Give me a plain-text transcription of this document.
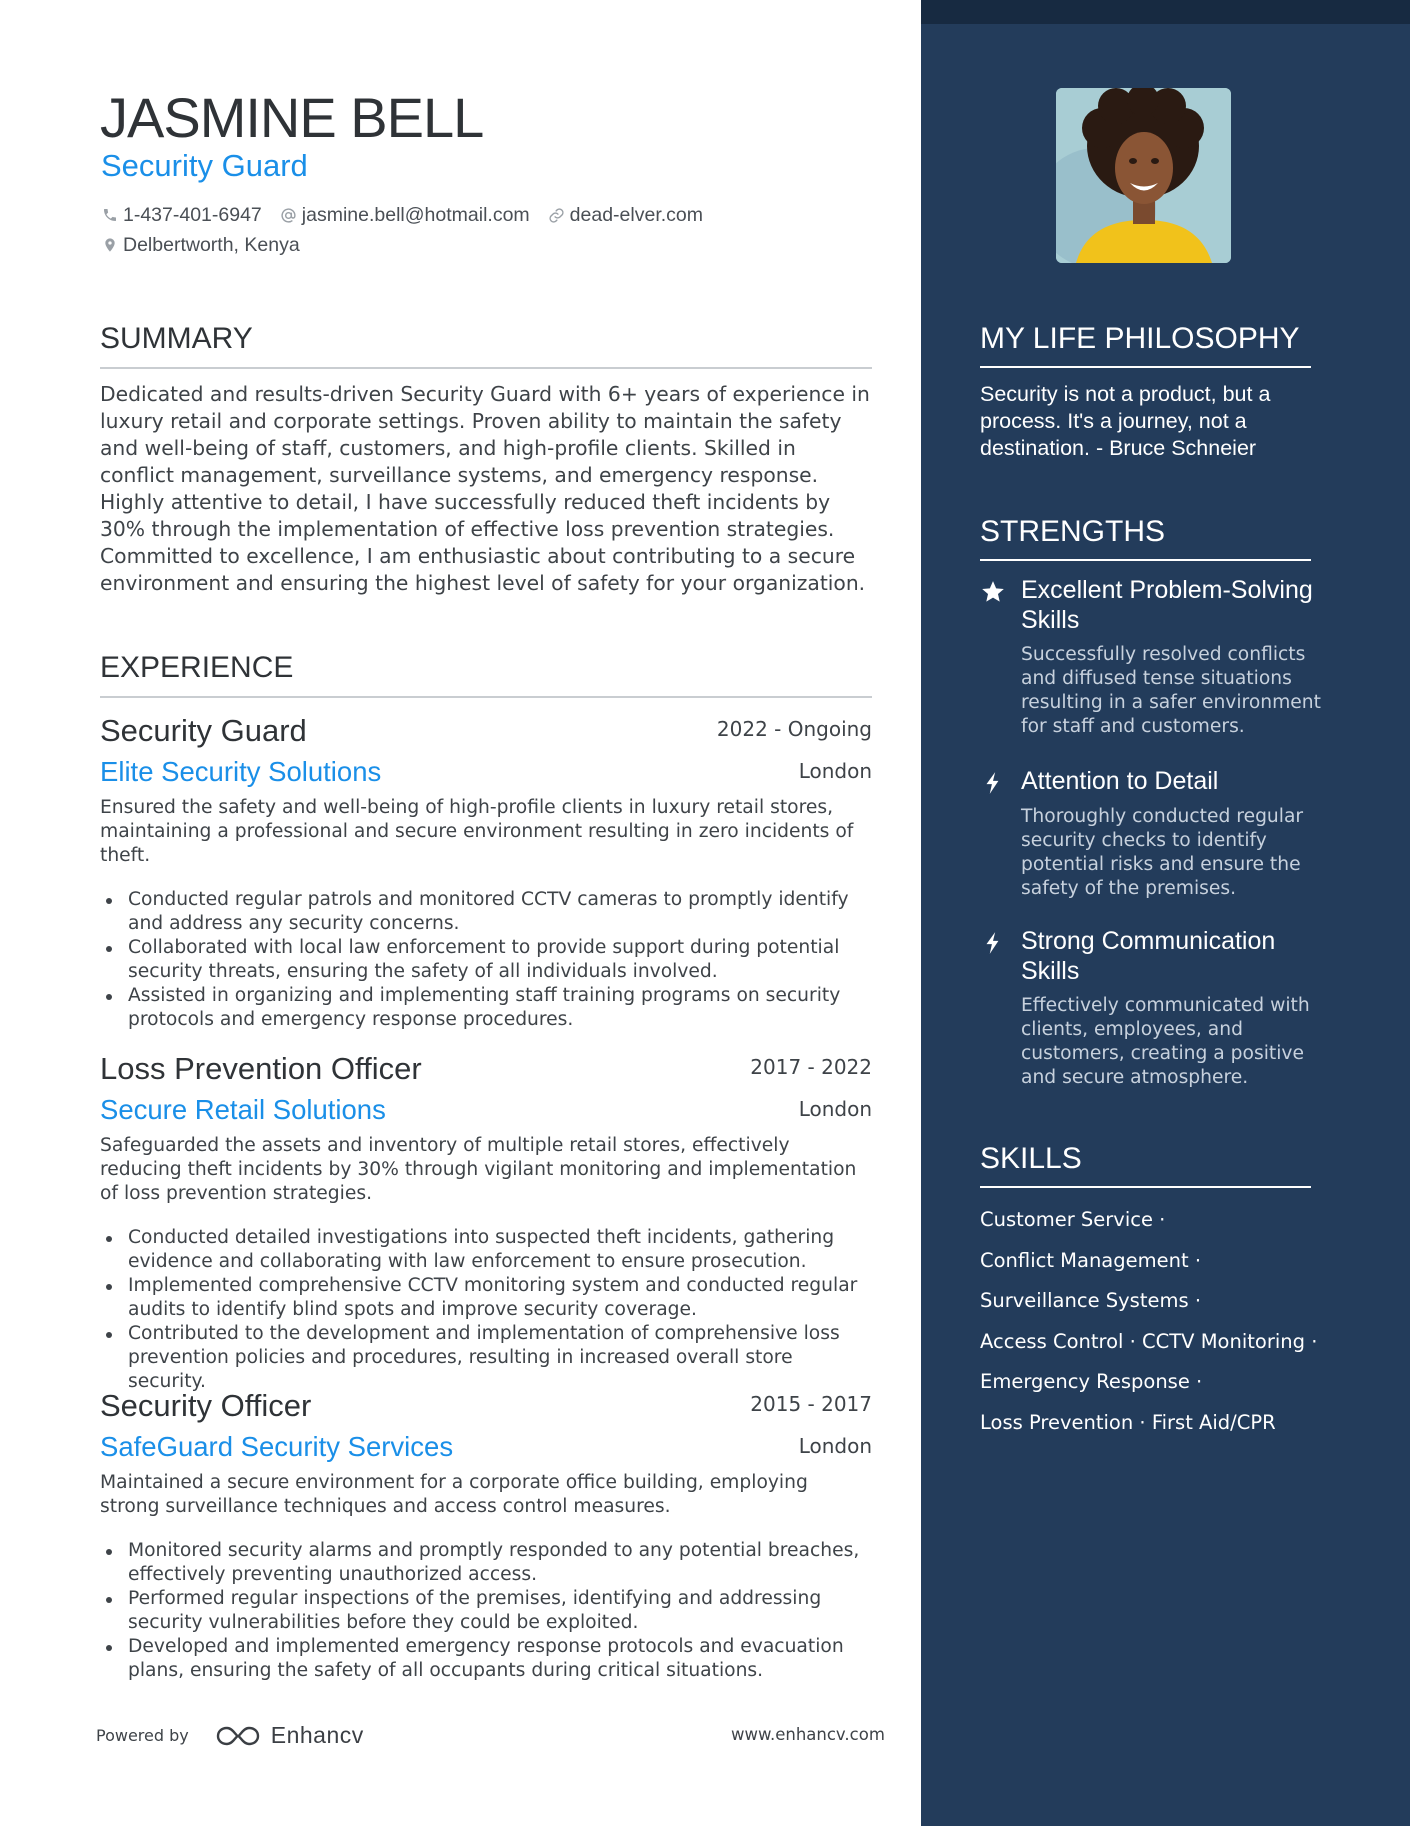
JASMINE BELL
Security Guard
1-437-401-6947 jasmine.bell@hotmail.com dead-elver.com
Delbertworth, Kenya
SUMMARY

Dedicated and results-driven Security Guard with 6+ years of experience in luxury retail and corporate settings. Proven ability to maintain the safety and well-being of staff, customers, and high-profile clients. Skilled in conflict management, surveillance systems, and emergency response. Highly attentive to detail, I have successfully reduced theft incidents by 30% through the implementation of effective loss prevention strategies. Committed to excellence, I am enthusiastic about contributing to a secure environment and ensuring the highest level of safety for your organization.

EXPERIENCE
Security Guard	2022 - Ongoing
Elite Security Solutions	London

Ensured the safety and well-being of high-profile clients in luxury retail stores, maintaining a professional and secure environment resulting in zero incidents of theft.

Conducted regular patrols and monitored CCTV cameras to promptly identify and address any security concerns.
Collaborated with local law enforcement to provide support during potential security threats, ensuring the safety of all individuals involved.
Assisted in organizing and implementing staff training programs on security protocols and emergency response procedures.
Loss Prevention Officer	2017 - 2022
Secure Retail Solutions	London

Safeguarded the assets and inventory of multiple retail stores, effectively reducing theft incidents by 30% through vigilant monitoring and implementation of loss prevention strategies.

Conducted detailed investigations into suspected theft incidents, gathering evidence and collaborating with law enforcement to ensure prosecution.
Implemented comprehensive CCTV monitoring system and conducted regular audits to identify blind spots and improve security coverage.
Contributed to the development and implementation of comprehensive loss prevention policies and procedures, resulting in increased overall store security.
Security Officer	2015 - 2017
SafeGuard Security Services	London

Maintained a secure environment for a corporate office building, employing strong surveillance techniques and access control measures.

Monitored security alarms and promptly responded to any potential breaches, effectively preventing unauthorized access.
Performed regular inspections of the premises, identifying and addressing security vulnerabilities before they could be exploited.
Developed and implemented emergency response protocols and evacuation plans, ensuring the safety of all occupants during critical situations.
Powered by	Enhancv	www.enhancv.com
MY LIFE PHILOSOPHY

Security is not a product, but a process. It's a journey, not a destination. - Bruce Schneier

STRENGTHS

Excellent Problem-Solving Skills

Successfully resolved conflicts and diffused tense situations resulting in a safer environment for staff and customers.

Attention to Detail

Thoroughly conducted regular security checks to identify potential risks and ensure the safety of the premises.

Strong Communication Skills

Effectively communicated with clients, employees, and customers, creating a positive and secure atmosphere.

SKILLS
Customer Service ·
Conflict Management ·
Surveillance Systems ·
Access Control · CCTV Monitoring ·
Emergency Response ·
Loss Prevention · First Aid/CPR
